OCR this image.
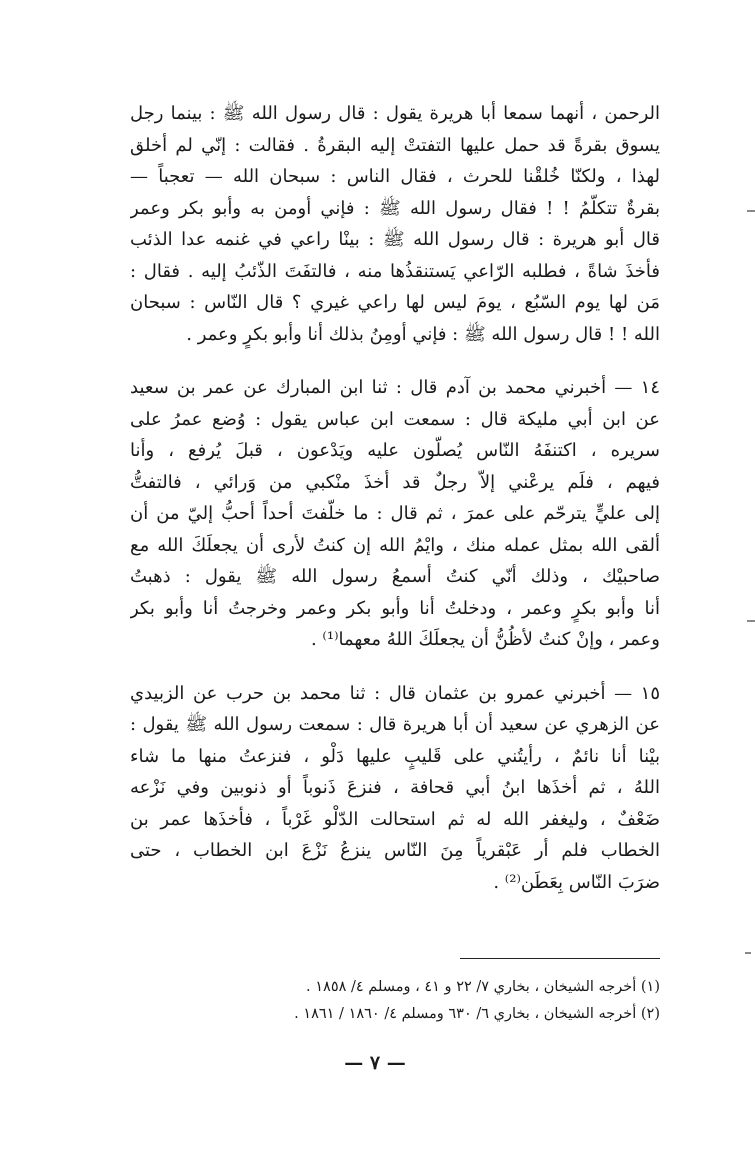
الرحمن ، أنهما سمعا أبا هريرة يقول : قال رسول الله ﷺ : بينما رجل
يسوق بقرةً قد حمل عليها التفتتْ إليه البقرةُ . فقالت : إنّي لم أخلق
لهذا ، ولكنّا خُلقْنا للحرث ، فقال الناس : سبحان الله — تعجباً —
بقرةٌ تتكلّمُ ! ! فقال رسول الله ﷺ : فإني أومن به وأبو بكر وعمر
قال أبو هريرة : قال رسول الله ﷺ : بينْا راعي في غنمه عدا الذئب
فأخذَ شاةً ، فطلبه الرّاعي يَستنقذُها منه ، فالتفَتَ الذّئبُ إليه . فقال :
مَن لها يوم السّبُع ، يومَ ليس لها راعي غيري ؟ قال النّاس : سبحان
الله ! ! قال رسول الله ﷺ : فإني أومِنُ بذلك أنا وأبو بكرٍ وعمر .
١٤ — أخبرني محمد بن آدم قال : ثنا ابن المبارك عن عمر بن سعيد
عن ابن أبي مليكة قال : سمعت ابن عباس يقول : وُضع عمرُ على
سريره ، اكتنفَهُ النّاس يُصلّون عليه ويَدْعون ، قبلَ يُرفع ، وأنا
فيهم ، فلَم يرعْني إلاّ رجلٌ قد أخذَ منْكبي من وَرائي ، فالتفتُّ
إلى عليٍّ يترحّم على عمرَ ، ثم قال : ما خلّفتَ أحداً أحبُّ إليّ من أن
ألقى الله بمثل عمله منك ، وايْمُ الله إن كنتُ لأرى أن يجعلَكَ الله مع
صاحبيْك ، وذلك أنّي كنتُ أسمعُ رسول الله ﷺ يقول : ذهبتُ
أنا وأبو بكرٍ وعمر ، ودخلتُ أنا وأبو بكر وعمر وخرجتُ أنا وأبو بكر
وعمر ، وإنْ كنتُ لأظُنُّ أن يجعلَكَ اللهُ معهما⁽¹⁾ .
١٥ — أخبرني عمرو بن عثمان قال : ثنا محمد بن حرب عن الزبيدي
عن الزهري عن سعيد أن أبا هريرة قال : سمعت رسول الله ﷺ يقول :
بيْنا أنا نائمٌ ، رأيتُني على قَليبٍ عليها دَلْو ، فنزعتُ منها ما شاء
اللهُ ، ثم أخذَها ابنُ أبي قحافة ، فنزعَ ذَنوباً أو ذنوبين وفي نَزْعه
ضَعْفٌ ، وليغفر الله له ثم استحالت الدّلْو غَرْباً ، فأخذَها عمر بن
الخطاب فلم أر عَبْقرياً مِنَ النّاس ينزعُ نَزْعَ ابن الخطاب ، حتى
ضرَبَ النّاس بِعَطَن⁽²⁾ .
(١) أخرجه الشيخان ، بخاري ٧/ ٢٢ و ٤١ ، ومسلم ٤/ ١٨٥٨ .
(٢) أخرجه الشيخان ، بخاري ٦/ ٦٣٠ ومسلم ٤/ ١٨٦٠ / ١٨٦١ .
— ٧ —
